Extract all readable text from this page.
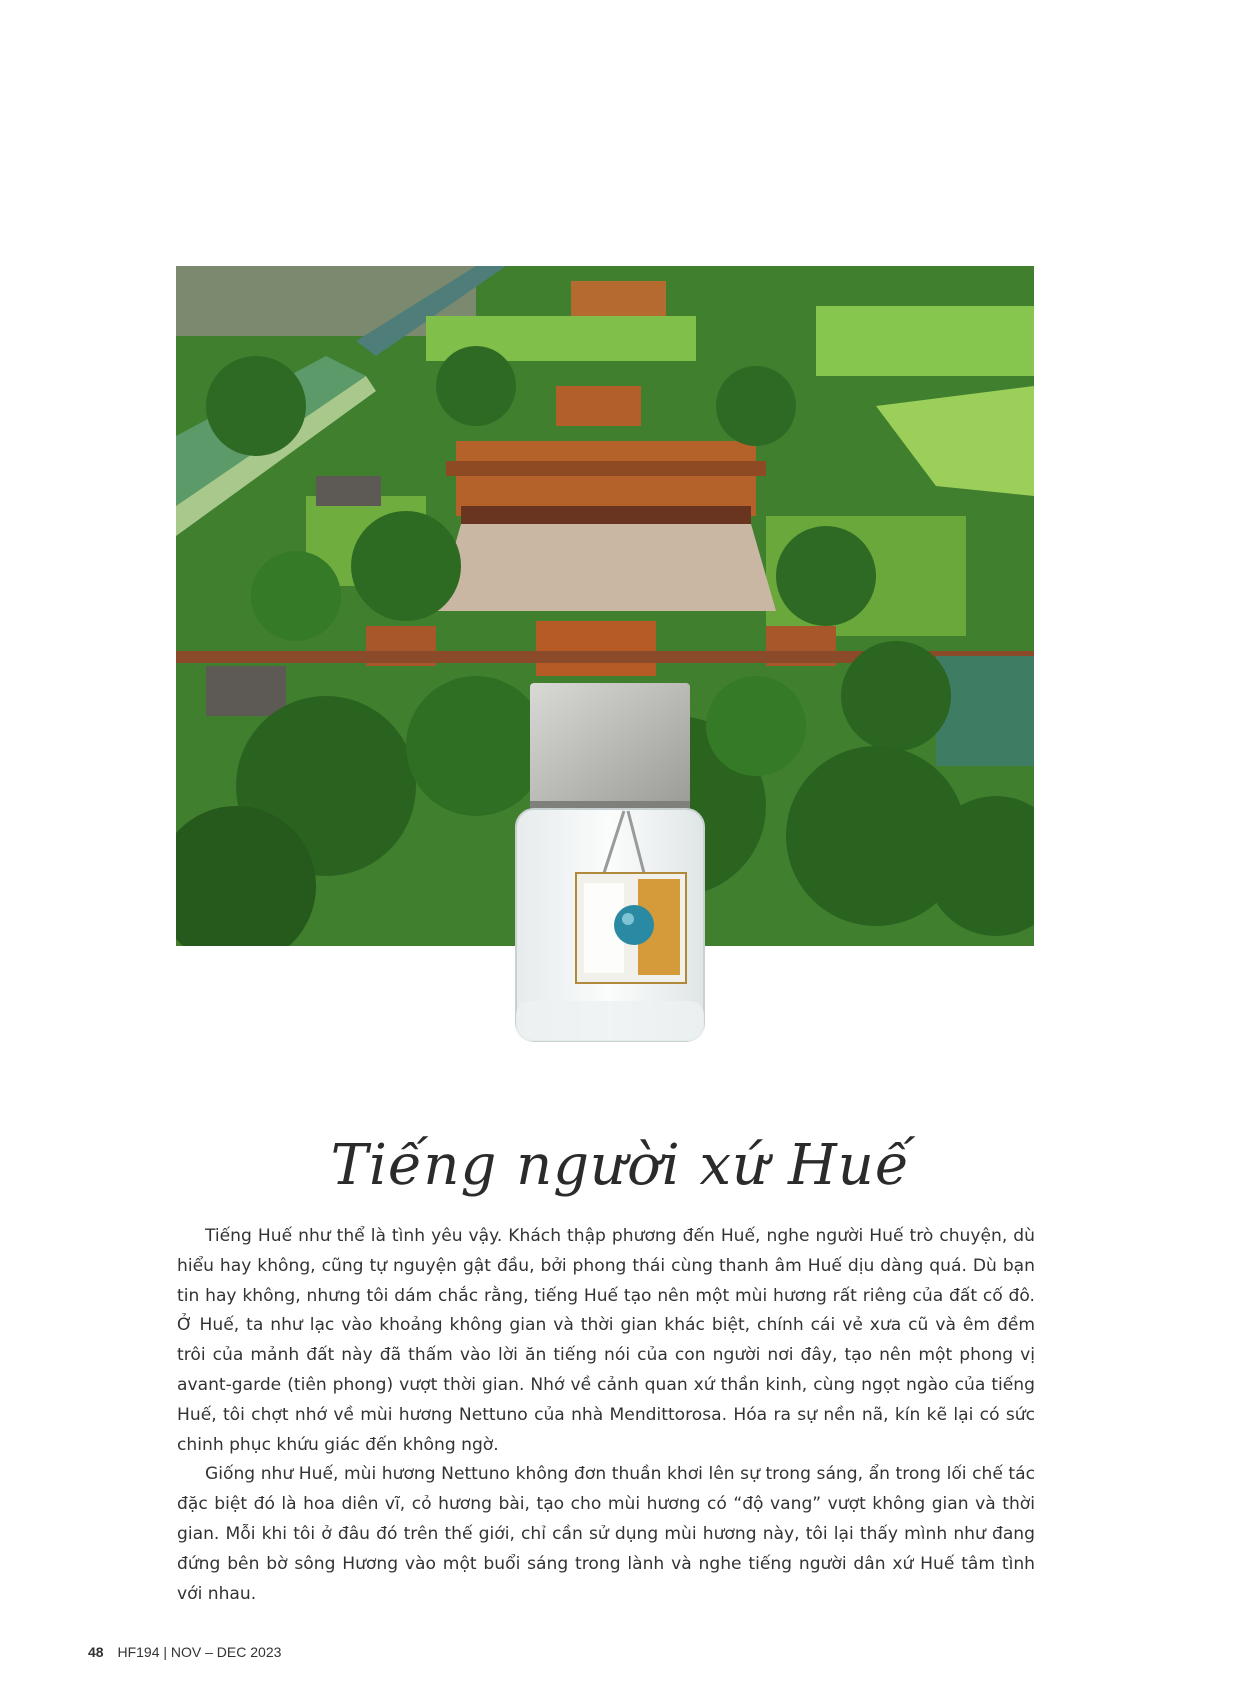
Tiếng người xứ Huế

Tiếng Huế như thể là tình yêu vậy. Khách thập phương đến Huế, nghe người Huế trò chuyện, dù hiểu hay không, cũng tự nguyện gật đầu, bởi phong thái cùng thanh âm Huế dịu dàng quá. Dù bạn tin hay không, nhưng tôi dám chắc rằng, tiếng Huế tạo nên một mùi hương rất riêng của đất cố đô. Ở Huế, ta như lạc vào khoảng không gian và thời gian khác biệt, chính cái vẻ xưa cũ và êm đềm trôi của mảnh đất này đã thấm vào lời ăn tiếng nói của con người nơi đây, tạo nên một phong vị avant-garde (tiên phong) vượt thời gian. Nhớ về cảnh quan xứ thần kinh, cùng ngọt ngào của tiếng Huế, tôi chợt nhớ về mùi hương Nettuno của nhà Mendittorosa. Hóa ra sự nền nã, kín kẽ lại có sức chinh phục khứu giác đến không ngờ.

Giống như Huế, mùi hương Nettuno không đơn thuần khơi lên sự trong sáng, ẩn trong lối chế tác đặc biệt đó là hoa diên vĩ, cỏ hương bài, tạo cho mùi hương có “độ vang” vượt không gian và thời gian. Mỗi khi tôi ở đâu đó trên thế giới, chỉ cần sử dụng mùi hương này, tôi lại thấy mình như đang đứng bên bờ sông Hương vào một buổi sáng trong lành và nghe tiếng người dân xứ Huế tâm tình với nhau.

48 HF194 | NOV – DEC 2023
